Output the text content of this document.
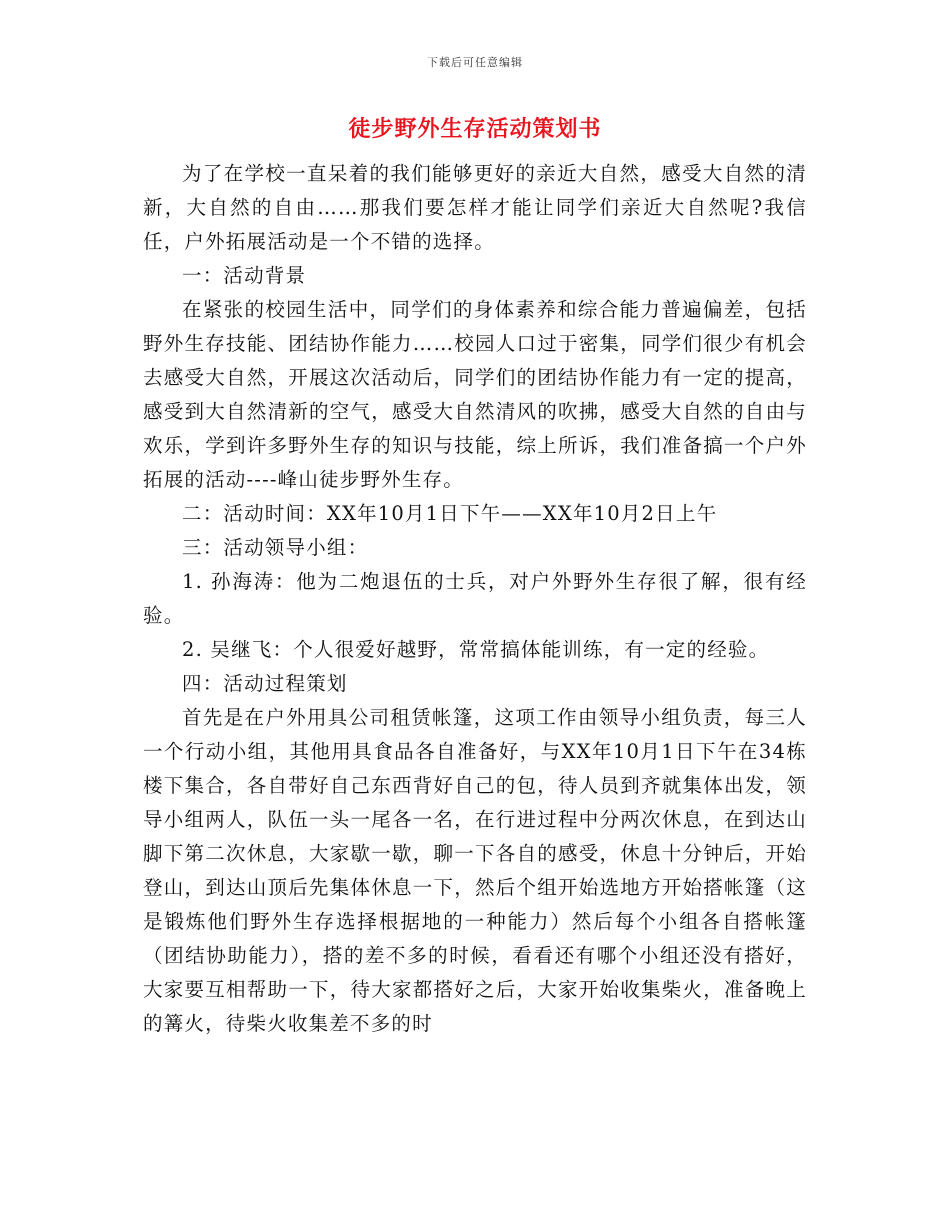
下载后可任意编辑
徒步野外生存活动策划书

为了在学校一直呆着的我们能够更好的亲近大自然，感受大自然的清新，大自然的自由……那我们要怎样才能让同学们亲近大自然呢?我信任，户外拓展活动是一个不错的选择。

一：活动背景

在紧张的校园生活中，同学们的身体素养和综合能力普遍偏差，包括野外生存技能、团结协作能力……校园人口过于密集，同学们很少有机会去感受大自然，开展这次活动后，同学们的团结协作能力有一定的提高，感受到大自然清新的空气，感受大自然清风的吹拂，感受大自然的自由与欢乐，学到许多野外生存的知识与技能，综上所诉，我们准备搞一个户外拓展的活动----峰山徒步野外生存。

二：活动时间：XX年10月1日下午——XX年10月2日上午

三：活动领导小组：

1. 孙海涛：他为二炮退伍的士兵，对户外野外生存很了解，很有经验。

2. 吴继飞：个人很爱好越野，常常搞体能训练，有一定的经验。

四：活动过程策划

首先是在户外用具公司租赁帐篷，这项工作由领导小组负责，每三人一个行动小组，其他用具食品各自准备好，与XX年10月1日下午在34栋楼下集合，各自带好自己东西背好自己的包，待人员到齐就集体出发，领导小组两人，队伍一头一尾各一名，在行进过程中分两次休息，在到达山脚下第二次休息，大家歇一歇，聊一下各自的感受，休息十分钟后，开始登山，到达山顶后先集体休息一下，然后个组开始选地方开始搭帐篷（这是锻炼他们野外生存选择根据地的一种能力）然后每个小组各自搭帐篷（团结协助能力），搭的差不多的时候，看看还有哪个小组还没有搭好，大家要互相帮助一下，待大家都搭好之后，大家开始收集柴火，准备晚上的篝火，待柴火收集差不多的时
